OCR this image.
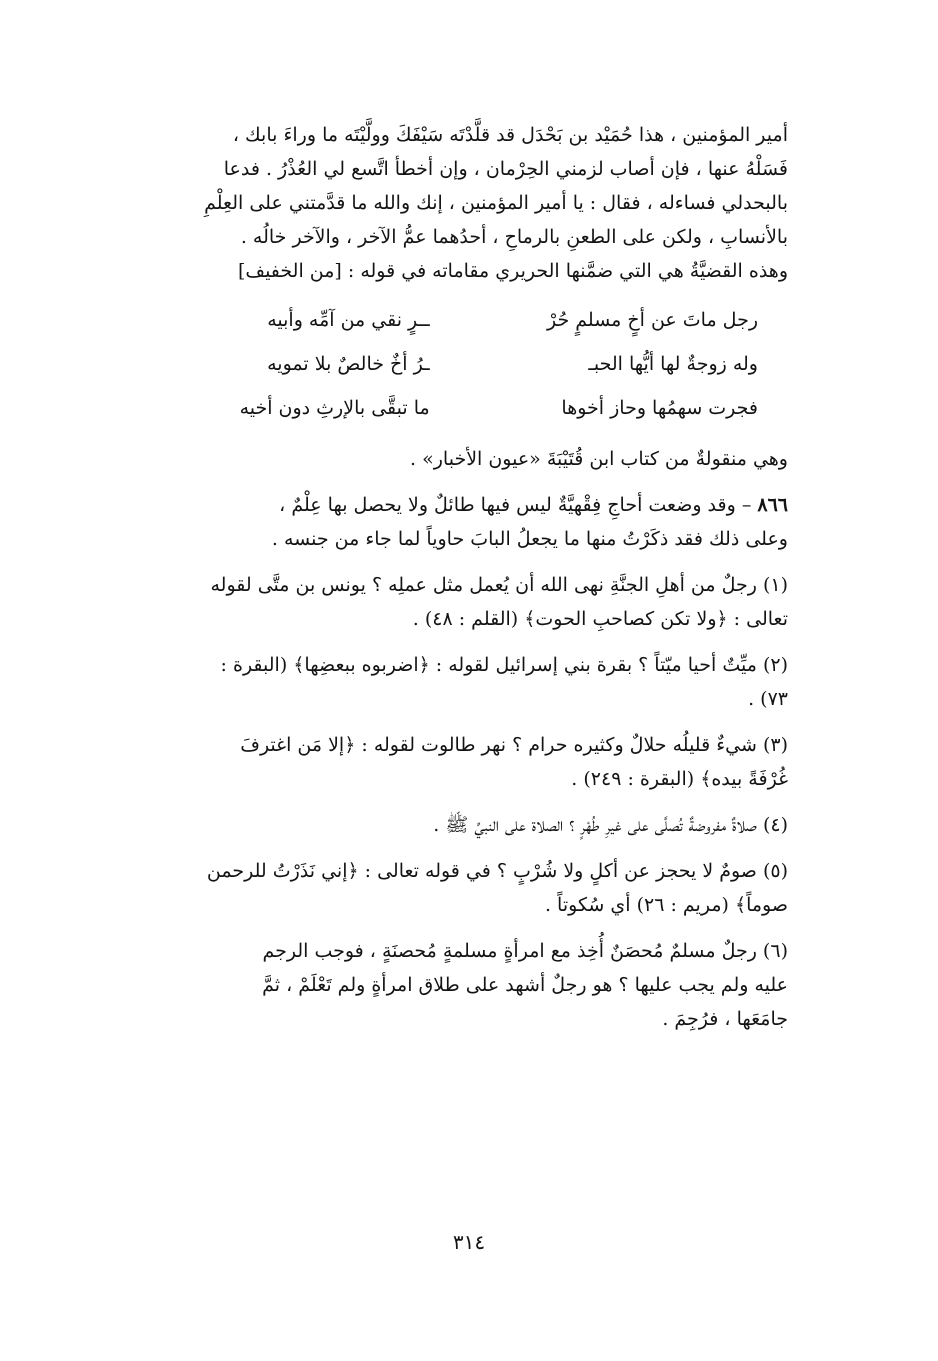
أمير المؤمنين ، هذا حُمَيْد بن بَحْدَل قد قلَّدْتَه سَيْفَكَ وولَّيْتَه ما وراءَ بابك ،
فَسَلْهُ عنها ، فإن أصاب لزمني الحِرْمان ، وإن أخطأ اتَّسع لي العُذْرُ . فدعا
بالبحدلي فساءله ، فقال : يا أمير المؤمنين ، إنك والله ما قدَّمتني على العِلْمِ
بالأنسابِ ، ولكن على الطعنِ بالرماحِ ، أحدُهما عمُّ الآخر ، والآخر خالُه .
وهذه القضيَّةُ هي التي ضمَّنها الحريري مقاماته في قوله : [من الخفيف]
رجل ماتَ عن أخٍ مسلمٍ حُرْ
ــرٍ نقي من آمِّه وأبيه
وله زوجةٌ لها أيُّها الحبـ
ـرُ أخٌ خالصٌ بلا تمويه
فجرت سهمُها وحاز أخوها
ما تبقَّى بالإرثِ دون أخيه
وهي منقولةٌ من كتاب ابن قُتَيْبَةَ «عيون الأخبار» .
٨٦٦ – وقد وضعت أحاجِ فِقْهيَّةٌ ليس فيها طائلٌ ولا يحصل بها عِلْمٌ ،
وعلى ذلك فقد ذكَرْتُ منها ما يجعلُ البابَ حاوياً لما جاء من جنسه .
(١) رجلٌ من أهلِ الجنَّةِ نهى الله أن يُعمل مثل عملِه ؟ يونس بن متَّى لقوله
تعالى : ﴿ولا تكن كصاحبِ الحوت﴾ (القلم : ٤٨) .
(٢) ميِّتٌ أحيا ميّتاً ؟ بقرة بني إسرائيل لقوله : ﴿اضربوه ببعضِها﴾ (البقرة :
٧٣) .
(٣) شيءٌ قليلُه حلالٌ وكثيره حرام ؟ نهر طالوت لقوله : ﴿إلا مَن اغترفَ
غُرْفَةً بيده﴾ (البقرة : ٢٤٩) .
(٤) صلاةٌ مفروضةٌ تُصلَّى على غيرِ طُهْرٍ ؟ الصلاة على النبيِّ ﷺ .
(٥) صومٌ لا يحجز عن أكلٍ ولا شُرْبٍ ؟ في قوله تعالى : ﴿إني نَذَرْتُ للرحمن
صوماً﴾ (مريم : ٢٦) أي سُكوتاً .
(٦) رجلٌ مسلمٌ مُحصَنٌ أُخِذ مع امرأةٍ مسلمةٍ مُحصنَةٍ ، فوجب الرجم
عليه ولم يجب عليها ؟ هو رجلٌ أشهد على طلاق امرأةٍ ولم تَعْلَمْ ، ثمَّ
جامَعَها ، فرُجِمَ .
٣١٤
